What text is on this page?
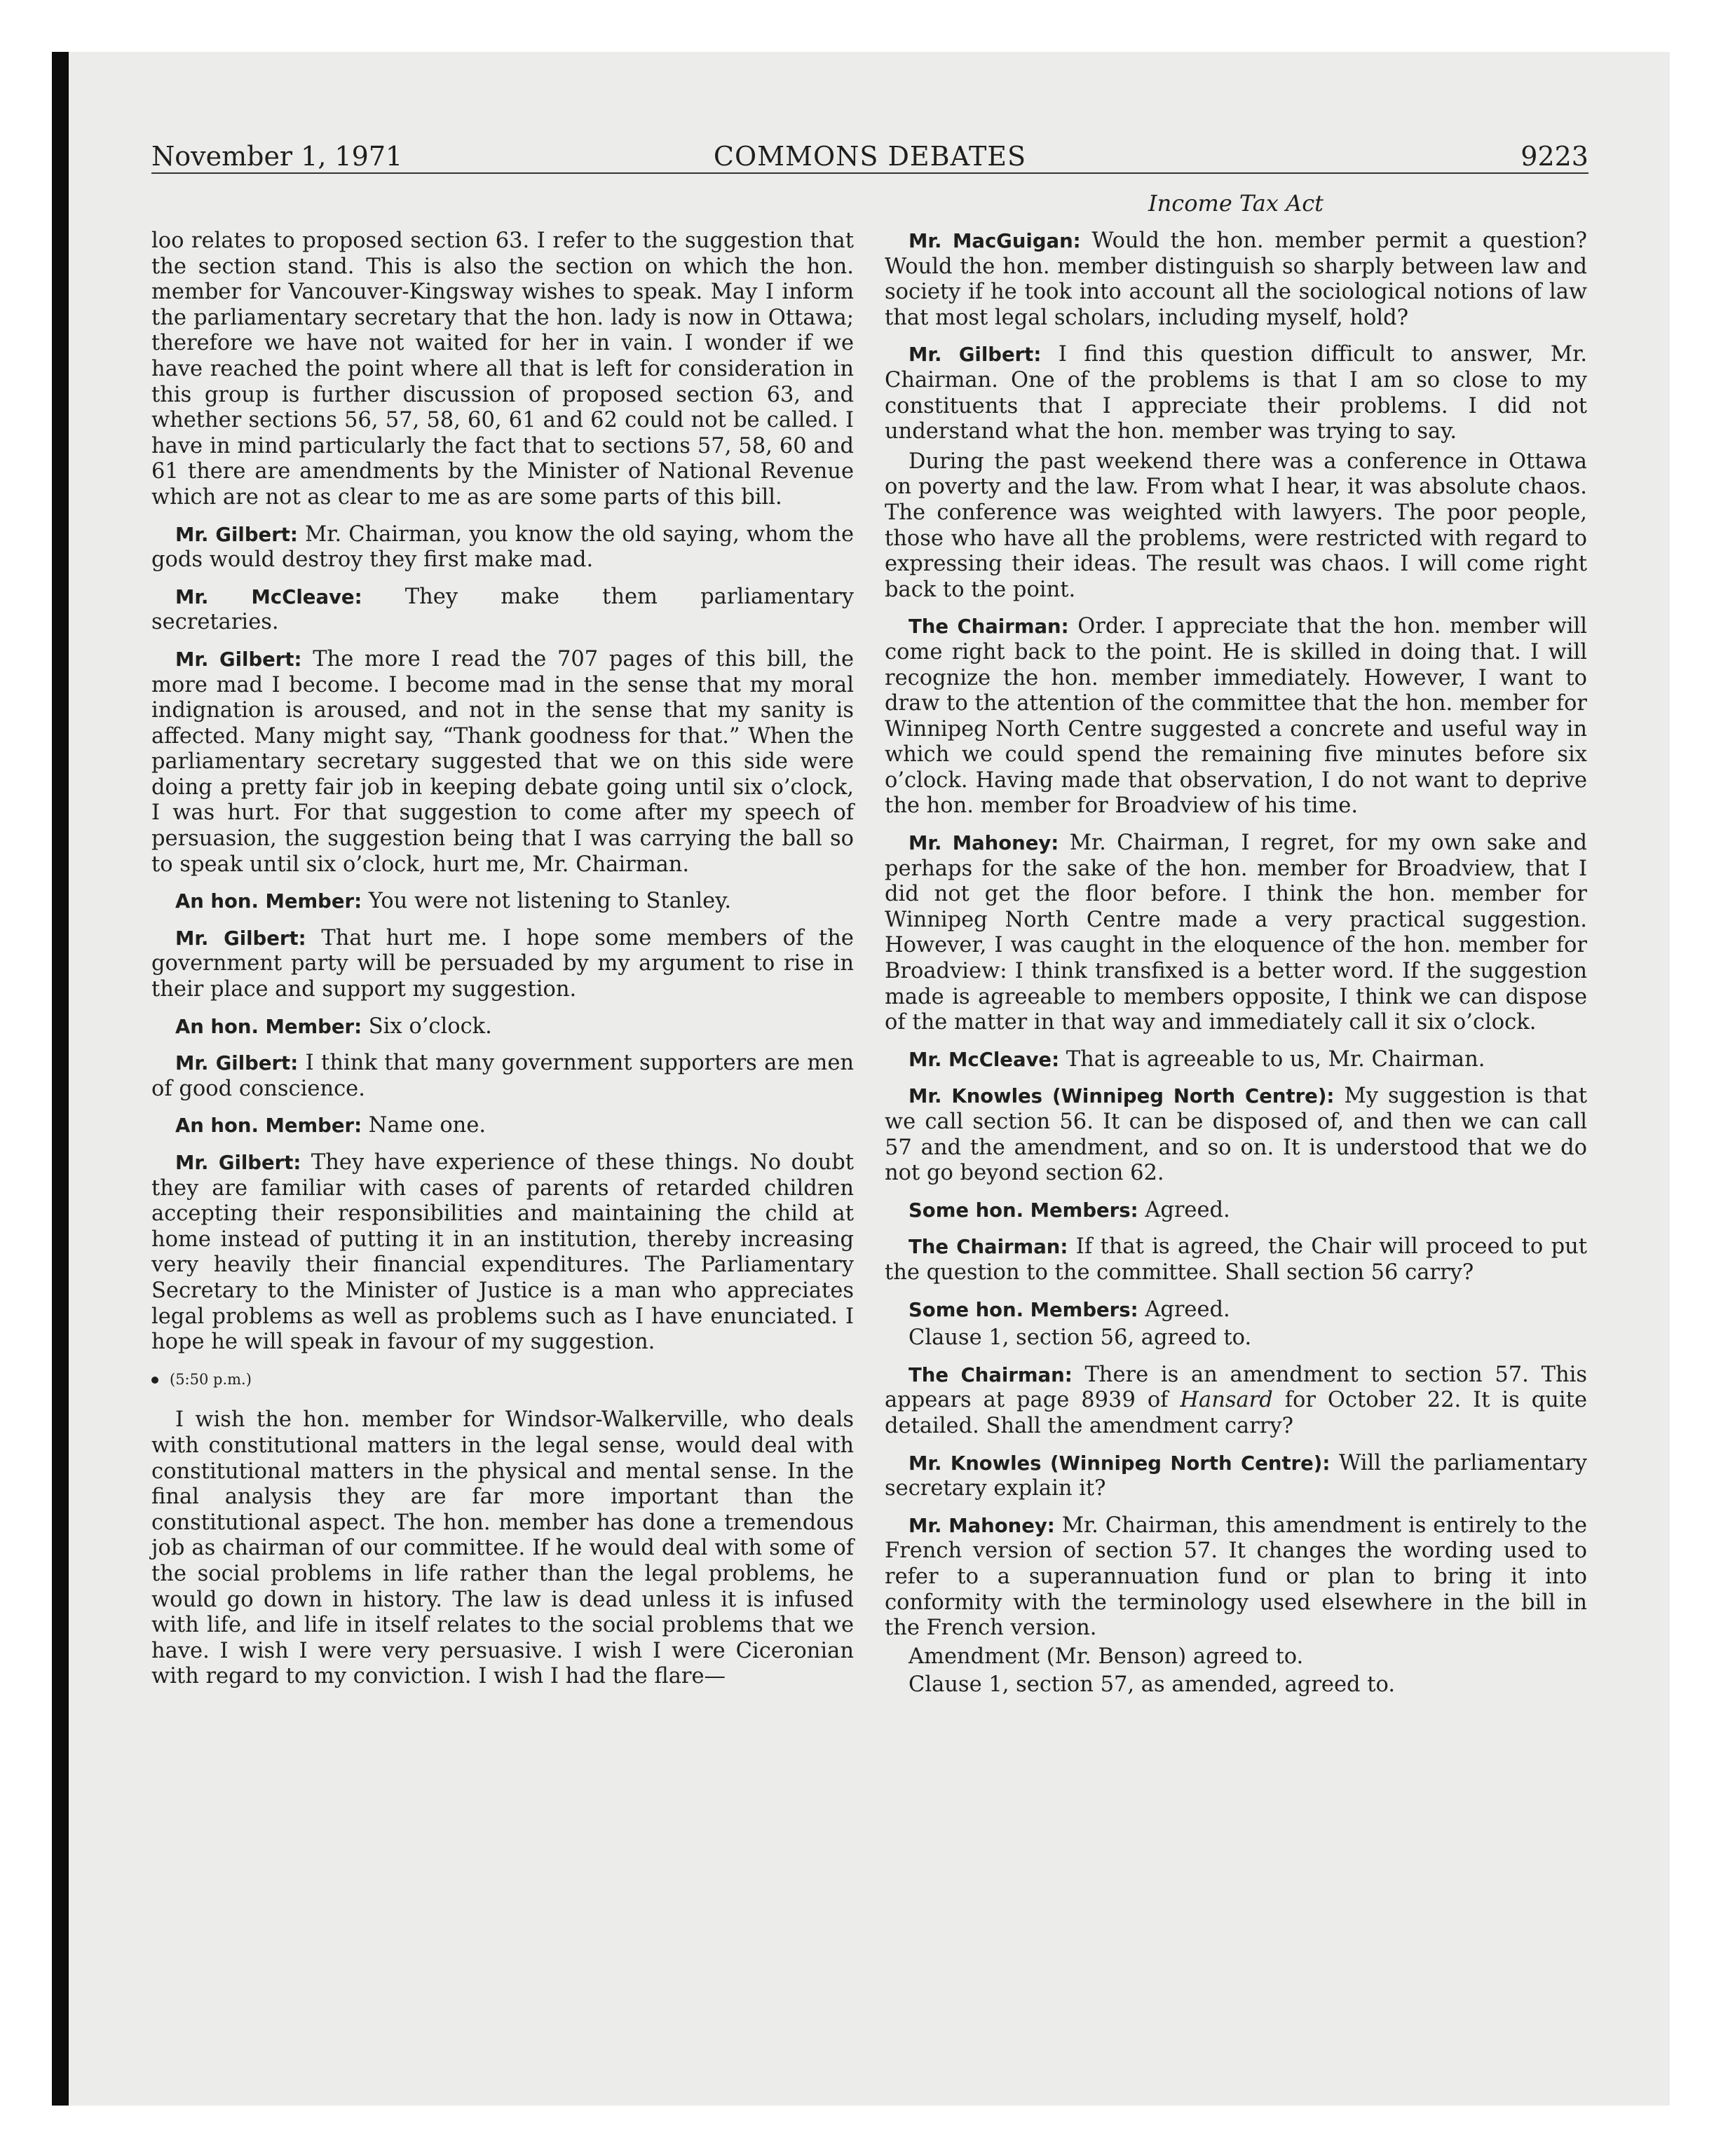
November 1, 1971	COMMONS DEBATES	9223
Income Tax Act

loo relates to proposed section 63. I refer to the suggestion that the section stand. This is also the section on which the hon. member for Vancouver-Kingsway wishes to speak. May I inform the parliamentary secretary that the hon. lady is now in Ottawa; therefore we have not waited for her in vain. I wonder if we have reached the point where all that is left for consideration in this group is further discussion of proposed section 63, and whether sections 56, 57, 58, 60, 61 and 62 could not be called. I have in mind particularly the fact that to sections 57, 58, 60 and 61 there are amendments by the Minister of National Revenue which are not as clear to me as are some parts of this bill.

Mr. Gilbert: Mr. Chairman, you know the old saying, whom the gods would destroy they first make mad.

Mr. McCleave: They make them parliamentary secretaries.

Mr. Gilbert: The more I read the 707 pages of this bill, the more mad I become. I become mad in the sense that my moral indignation is aroused, and not in the sense that my sanity is affected. Many might say, “Thank goodness for that.” When the parliamentary secretary suggested that we on this side were doing a pretty fair job in keeping debate going until six o’clock, I was hurt. For that suggestion to come after my speech of persuasion, the suggestion being that I was carrying the ball so to speak until six o’clock, hurt me, Mr. Chairman.

An hon. Member: You were not listening to Stanley.

Mr. Gilbert: That hurt me. I hope some members of the government party will be persuaded by my argument to rise in their place and support my suggestion.

An hon. Member: Six o’clock.

Mr. Gilbert: I think that many government supporters are men of good conscience.

An hon. Member: Name one.

Mr. Gilbert: They have experience of these things. No doubt they are familiar with cases of parents of retarded children accepting their responsibilities and maintaining the child at home instead of putting it in an institution, thereby increasing very heavily their financial expenditures. The Parliamentary Secretary to the Minister of Justice is a man who appreciates legal problems as well as problems such as I have enunciated. I hope he will speak in favour of my suggestion.

(5:50 p.m.)

I wish the hon. member for Windsor-Walkerville, who deals with constitutional matters in the legal sense, would deal with constitutional matters in the physical and mental sense. In the final analysis they are far more important than the constitutional aspect. The hon. member has done a tremendous job as chairman of our committee. If he would deal with some of the social problems in life rather than the legal problems, he would go down in history. The law is dead unless it is infused with life, and life in itself relates to the social problems that we have. I wish I were very persuasive. I wish I were Ciceronian with regard to my conviction. I wish I had the flare—

Mr. MacGuigan: Would the hon. member permit a question? Would the hon. member distinguish so sharply between law and society if he took into account all the sociological notions of law that most legal scholars, including myself, hold?

Mr. Gilbert: I find this question difficult to answer, Mr. Chairman. One of the problems is that I am so close to my constituents that I appreciate their problems. I did not understand what the hon. member was trying to say.

During the past weekend there was a conference in Ottawa on poverty and the law. From what I hear, it was absolute chaos. The conference was weighted with lawyers. The poor people, those who have all the problems, were restricted with regard to expressing their ideas. The result was chaos. I will come right back to the point.

The Chairman: Order. I appreciate that the hon. member will come right back to the point. He is skilled in doing that. I will recognize the hon. member immediately. However, I want to draw to the attention of the committee that the hon. member for Winnipeg North Centre suggested a concrete and useful way in which we could spend the remaining five minutes before six o’clock. Having made that observation, I do not want to deprive the hon. member for Broadview of his time.

Mr. Mahoney: Mr. Chairman, I regret, for my own sake and perhaps for the sake of the hon. member for Broadview, that I did not get the floor before. I think the hon. member for Winnipeg North Centre made a very practical suggestion. However, I was caught in the eloquence of the hon. member for Broadview: I think transfixed is a better word. If the suggestion made is agreeable to members opposite, I think we can dispose of the matter in that way and immediately call it six o’clock.

Mr. McCleave: That is agreeable to us, Mr. Chairman.

Mr. Knowles (Winnipeg North Centre): My suggestion is that we call section 56. It can be disposed of, and then we can call 57 and the amendment, and so on. It is understood that we do not go beyond section 62.

Some hon. Members: Agreed.

The Chairman: If that is agreed, the Chair will proceed to put the question to the committee. Shall section 56 carry?

Some hon. Members: Agreed.

Clause 1, section 56, agreed to.

The Chairman: There is an amendment to section 57. This appears at page 8939 of Hansard for October 22. It is quite detailed. Shall the amendment carry?

Mr. Knowles (Winnipeg North Centre): Will the parliamentary secretary explain it?

Mr. Mahoney: Mr. Chairman, this amendment is entirely to the French version of section 57. It changes the wording used to refer to a superannuation fund or plan to bring it into conformity with the terminology used elsewhere in the bill in the French version.

Amendment (Mr. Benson) agreed to.

Clause 1, section 57, as amended, agreed to.
